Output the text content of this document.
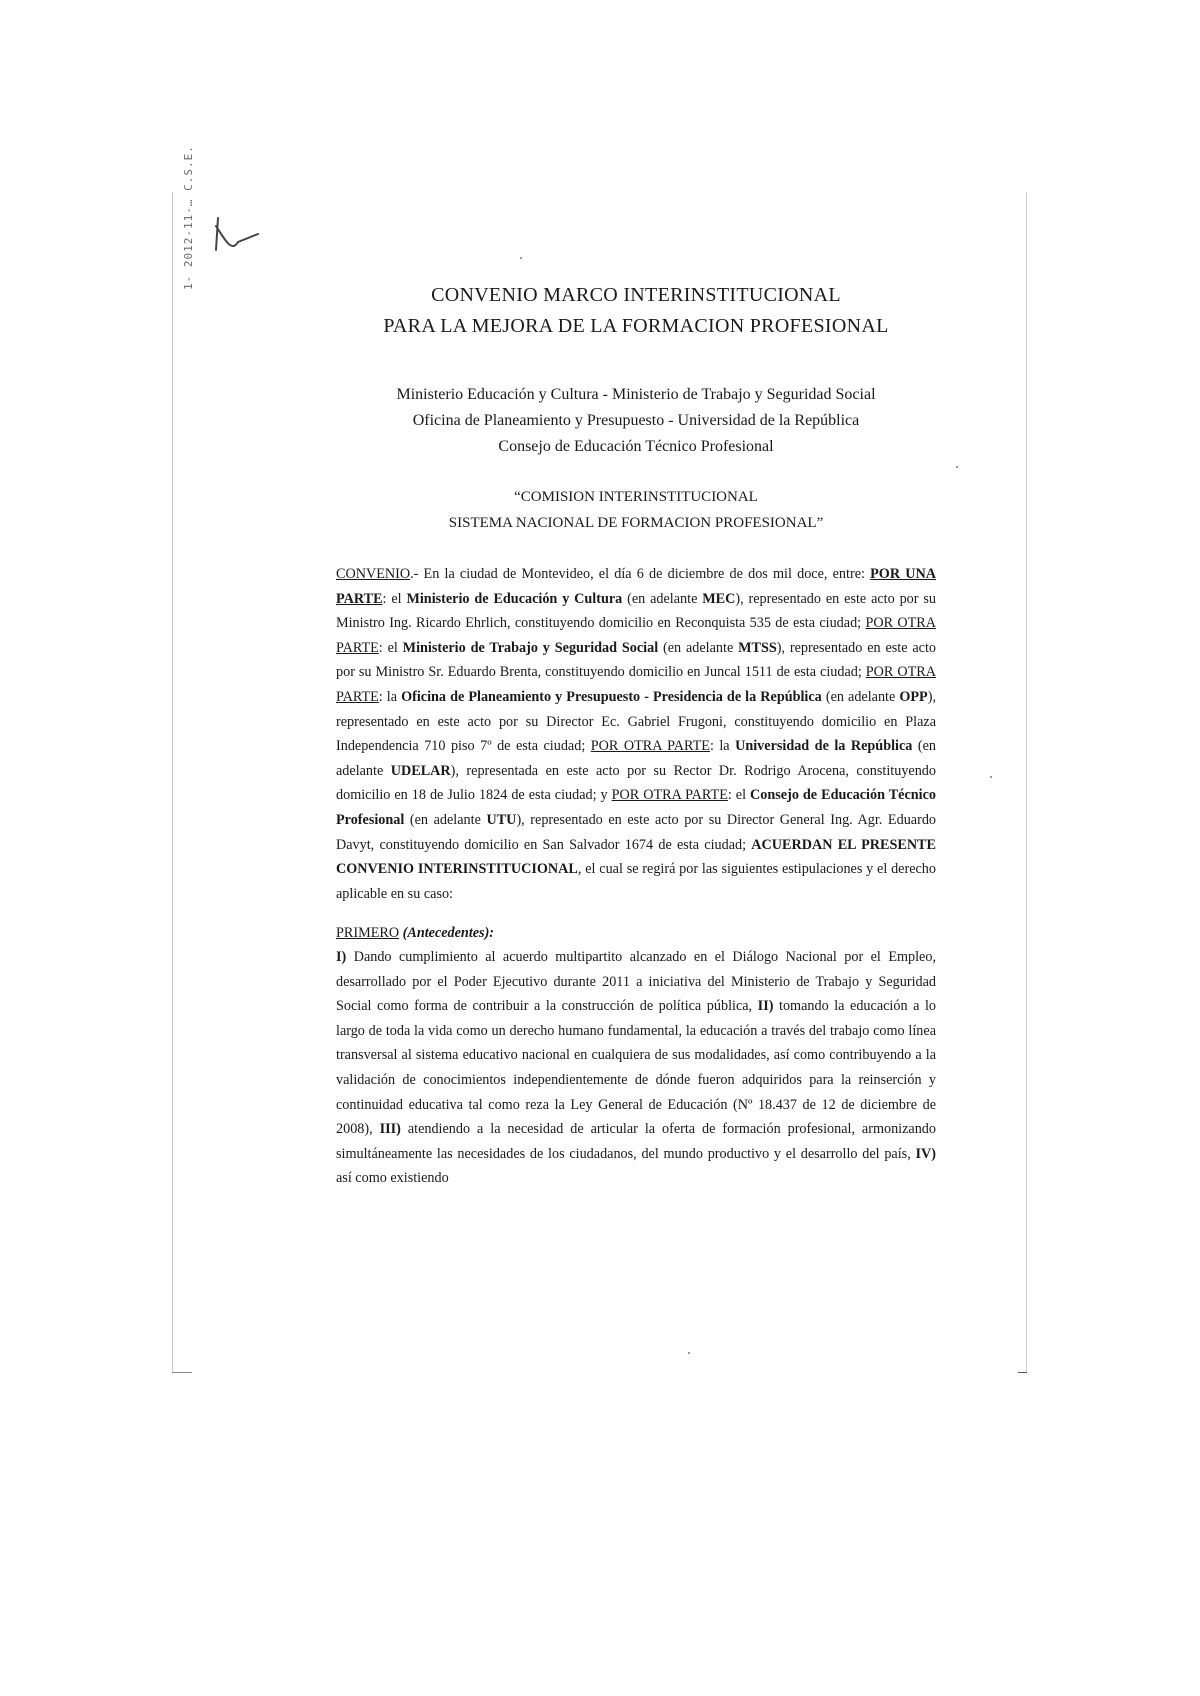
1- 2012-11-… C.S.E.
CONVENIO MARCO INTERINSTITUCIONAL
PARA LA MEJORA DE LA FORMACION PROFESIONAL
Ministerio Educación y Cultura - Ministerio de Trabajo y Seguridad Social
Oficina de Planeamiento y Presupuesto - Universidad de la República
Consejo de Educación Técnico Profesional
“COMISION INTERINSTITUCIONAL
SISTEMA NACIONAL DE FORMACION PROFESIONAL”

CONVENIO.- En la ciudad de Montevideo, el día 6 de diciembre de dos mil doce, entre: POR UNA PARTE: el Ministerio de Educación y Cultura (en adelante MEC), representado en este acto por su Ministro Ing. Ricardo Ehrlich, constituyendo domicilio en Reconquista 535 de esta ciudad; POR OTRA PARTE: el Ministerio de Trabajo y Seguridad Social (en adelante MTSS), representado en este acto por su Ministro Sr. Eduardo Brenta, constituyendo domicilio en Juncal 1511 de esta ciudad; POR OTRA PARTE: la Oficina de Planeamiento y Presupuesto - Presidencia de la República (en adelante OPP), representado en este acto por su Director Ec. Gabriel Frugoni, constituyendo domicilio en Plaza Independencia 710 piso 7º de esta ciudad; POR OTRA PARTE: la Universidad de la República (en adelante UDELAR), representada en este acto por su Rector Dr. Rodrigo Arocena, constituyendo domicilio en 18 de Julio 1824 de esta ciudad; y POR OTRA PARTE: el Consejo de Educación Técnico Profesional (en adelante UTU), representado en este acto por su Director General Ing. Agr. Eduardo Davyt, constituyendo domicilio en San Salvador 1674 de esta ciudad; ACUERDAN EL PRESENTE CONVENIO INTERINSTITUCIONAL, el cual se regirá por las siguientes estipulaciones y el derecho aplicable en su caso:

PRIMERO (Antecedentes):
I) Dando cumplimiento al acuerdo multipartito alcanzado en el Diálogo Nacional por el Empleo, desarrollado por el Poder Ejecutivo durante 2011 a iniciativa del Ministerio de Trabajo y Seguridad Social como forma de contribuir a la construcción de política pública, II) tomando la educación a lo largo de toda la vida como un derecho humano fundamental, la educación a través del trabajo como línea transversal al sistema educativo nacional en cualquiera de sus modalidades, así como contribuyendo a la validación de conocimientos independientemente de dónde fueron adquiridos para la reinserción y continuidad educativa tal como reza la Ley General de Educación (Nº 18.437 de 12 de diciembre de 2008), III) atendiendo a la necesidad de articular la oferta de formación profesional, armonizando simultáneamente las necesidades de los ciudadanos, del mundo productivo y el desarrollo del país, IV) así como existiendo
